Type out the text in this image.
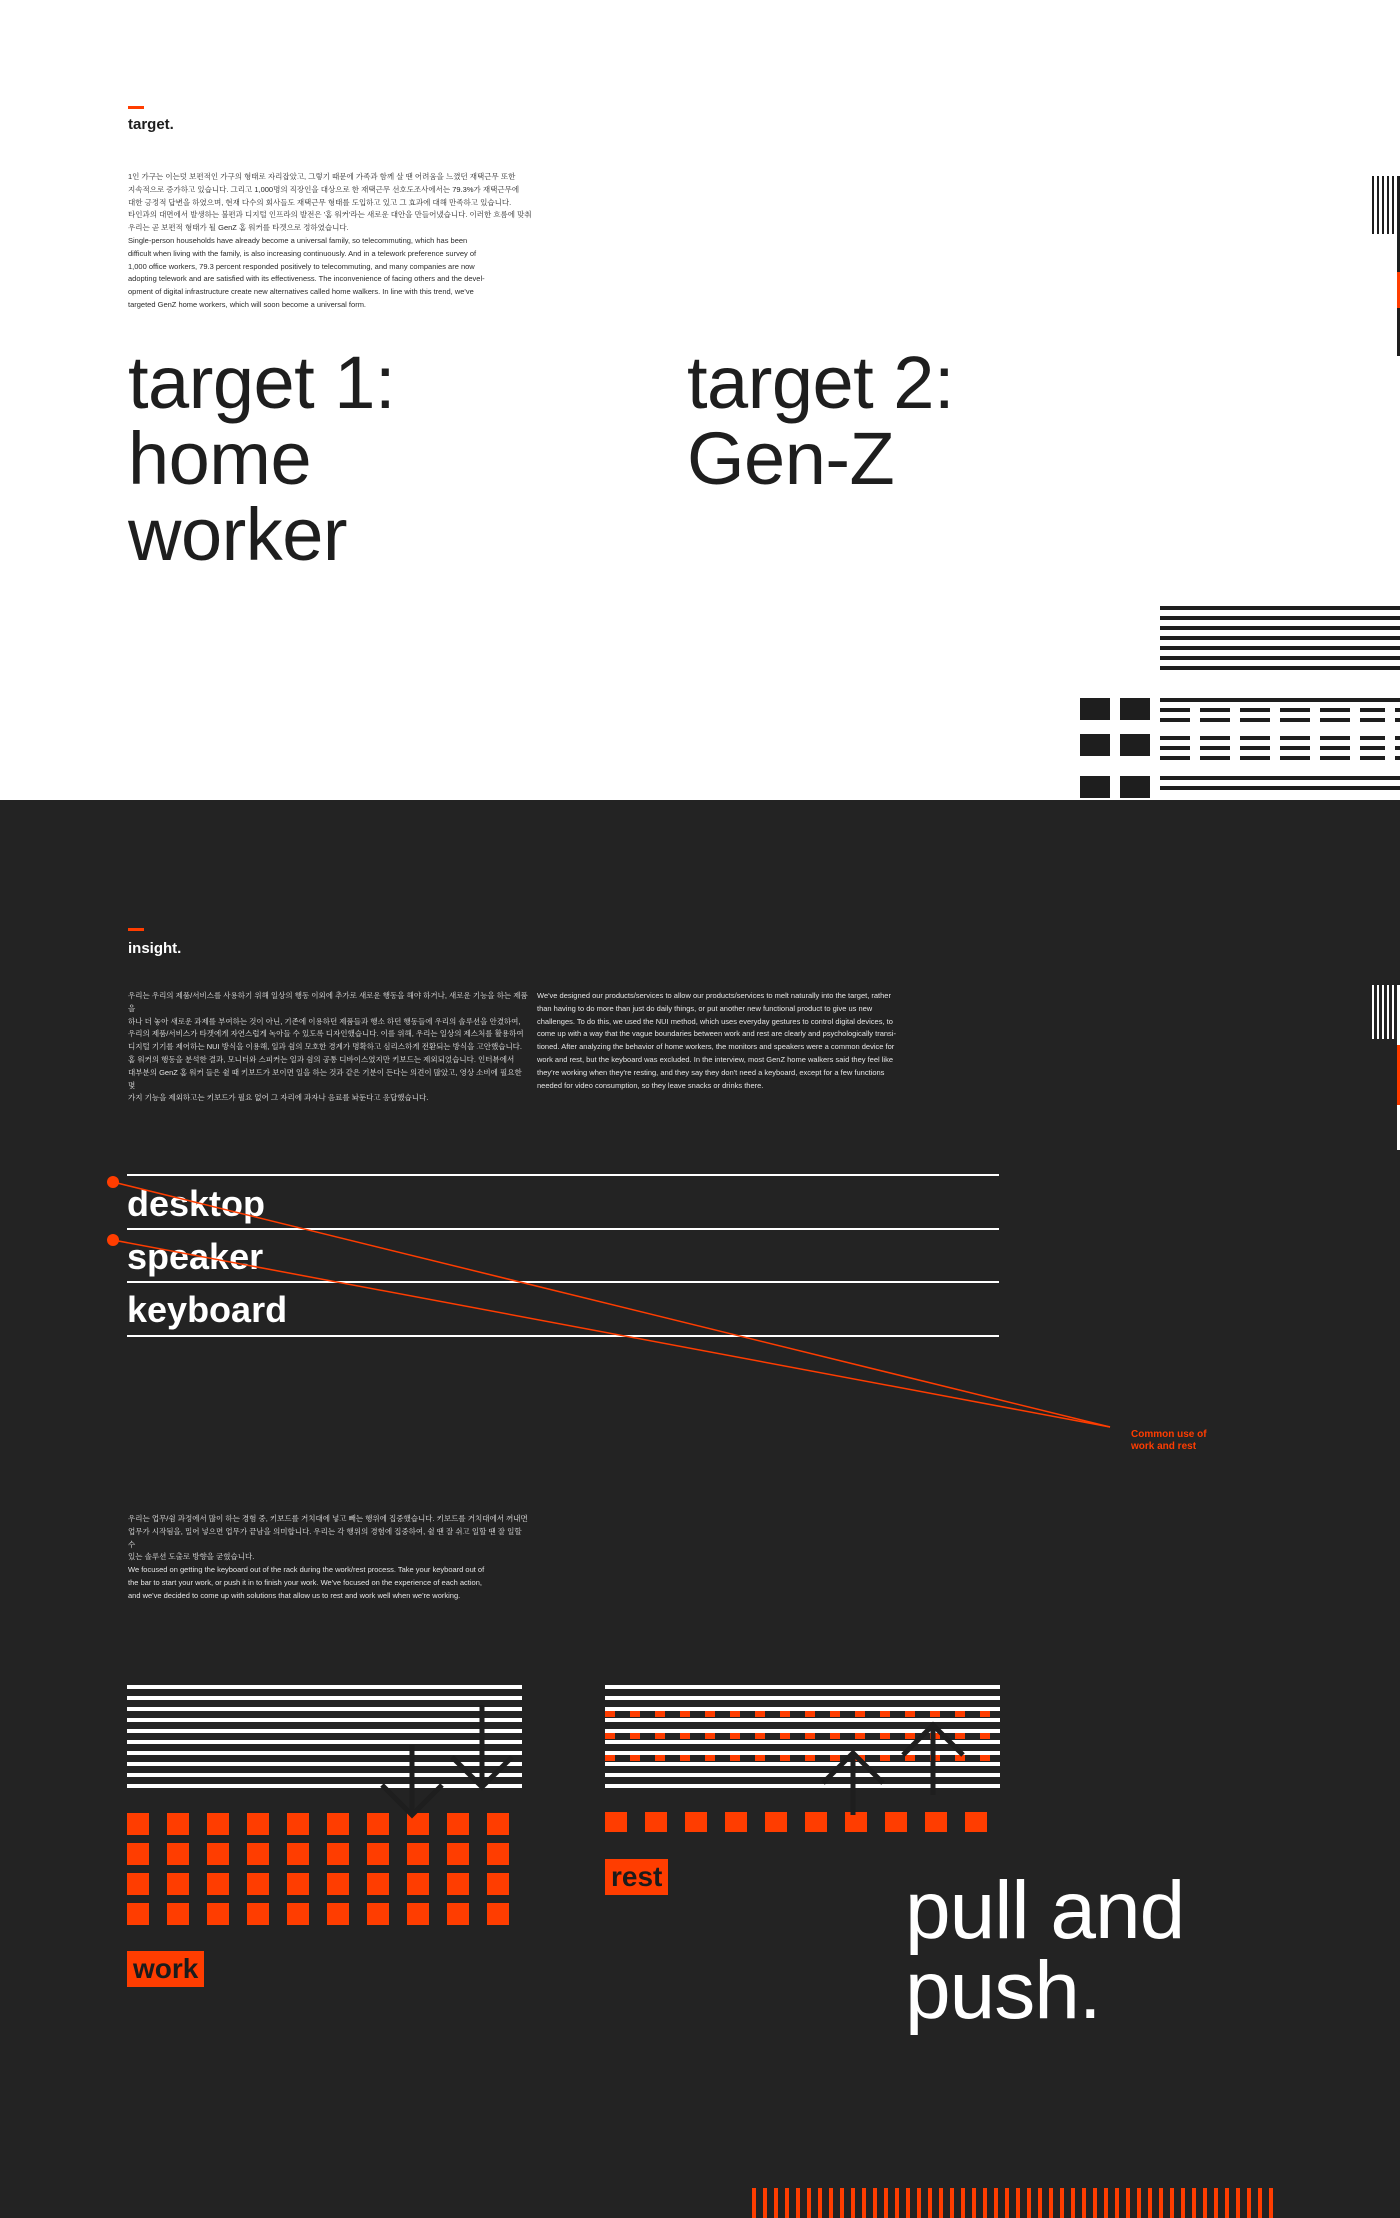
target.
1인 가구는 이는덧 보편적인 가구의 형태로 자리잡았고, 그렇기 때문에 가족과 함께 살 땐 어려움을 느꼈던 재택근무 또한
지속적으로 증가하고 있습니다. 그리고 1,000명의 직장인을 대상으로 한 재택근무 선호도조사에서는 79.3%가 재택근무에
대한 긍정적 답변을 하였으며, 현재 다수의 회사들도 재택근무 형태를 도입하고 있고 그 효과에 대해 만족하고 있습니다.
타인과의 대면에서 발생하는 불편과 디지털 인프라의 발전은 '홈 워커'라는 새로운 대안을 만들어냈습니다. 이러한 흐름에 맞춰
우리는 곧 보편적 형태가 될 GenZ 홈 워커를 타겟으로 정하였습니다.
Single-person households have already become a universal family, so telecommuting, which has been
difficult when living with the family, is also increasing continuously. And in a telework preference survey of
1,000 office workers, 79.3 percent responded positively to telecommuting, and many companies are now
adopting telework and are satisfied with its effectiveness. The inconvenience of facing others and the devel-
opment of digital infrastructure create new alternatives called home walkers. In line with this trend, we've
targeted GenZ home workers, which will soon become a universal form.
target 1:
home
worker
target 2:
Gen-Z
insight.
우리는 우리의 제품/서비스를 사용하기 위해 일상의 행동 이외에 추가로 새로운 행동을 해야 하거나, 새로운 기능을 하는 제품을
하나 더 놓아 새로운 과제를 부여하는 것이 아닌, 기존에 이용하던 제품들과 행소 하던 행동들에 우리의 솔루션을 안겼하여,
우리의 제품/서비스가 타겟에게 자연스럽게 녹아들 수 있도록 디자인했습니다. 이를 위해, 우리는 일상의 제스처를 활용하여
디지털 기기를 제어하는 NUI 방식을 이용해, 일과 쉼의 모호한 경계가 명확하고 심리스하게 전환되는 방식을 고안했습니다.
홈 워커의 행동을 분석한 결과, 모니터와 스피커는 일과 쉼의 공통 디바이스였지만 키보드는 제외되었습니다. 인터뷰에서
대부분의 GenZ 홈 워커 들은 쉴 때 키보드가 보이면 일을 하는 것과 같은 기분이 든다는 의견이 많았고, 영상 소비에 필요한 몇
가지 기능을 제외하고는 키보드가 필요 없어 그 자리에 과자나 음료를 놔둔다고 응답했습니다.
We've designed our products/services to allow our products/services to melt naturally into the target, rather
than having to do more than just do daily things, or put another new functional product to give us new
challenges. To do this, we used the NUI method, which uses everyday gestures to control digital devices, to
come up with a way that the vague boundaries between work and rest are clearly and psychologically transi-
tioned. After analyzing the behavior of home workers, the monitors and speakers were a common device for
work and rest, but the keyboard was excluded. In the interview, most GenZ home walkers said they feel like
they're working when they're resting, and they say they don't need a keyboard, except for a few functions
needed for video consumption, so they leave snacks or drinks there.
desktop
speaker
keyboard
Common use of
work and rest
우리는 업무/쉼 과정에서 많이 하는 경험 중, 키보드를 거치대에 넣고 빼는 행위에 집중했습니다. 키보드를 거치대에서 꺼내면
업무가 시작됨을, 밀어 넣으면 업무가 끝남을 의미합니다. 우리는 각 행위의 경험에 집중하여, 쉴 땐 잘 쉬고 일할 땐 잘 일할 수
있는 솔루션 도출로 방향을 굳혔습니다.
We focused on getting the keyboard out of the rack during the work/rest process. Take your keyboard out of
the bar to start your work, or push it in to finish your work. We've focused on the experience of each action,
and we've decided to come up with solutions that allow us to rest and work well when we're working.
work
rest	pull and
push.
